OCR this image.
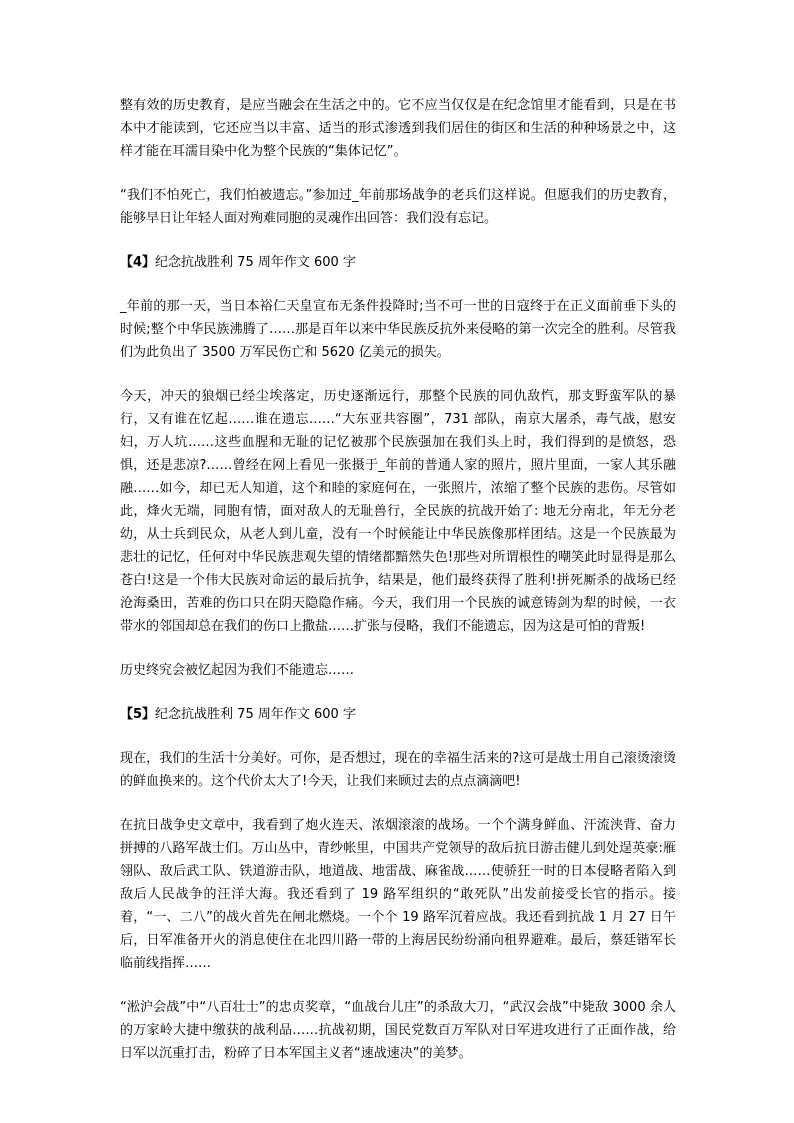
整有效的历史教育，是应当融会在生活之中的。它不应当仅仅是在纪念馆里才能看到，只是在书本中才能读到，它还应当以丰富、适当的形式渗透到我们居住的街区和生活的种种场景之中，这样才能在耳濡目染中化为整个民族的“集体记忆”。

“我们不怕死亡，我们怕被遗忘。”参加过_年前那场战争的老兵们这样说。但愿我们的历史教育，能够早日让年轻人面对殉难同胞的灵魂作出回答：我们没有忘记。

【4】纪念抗战胜利 75 周年作文 600 字

_年前的那一天，当日本裕仁天皇宣布无条件投降时;当不可一世的日寇终于在正义面前垂下头的时候;整个中华民族沸腾了……那是百年以来中华民族反抗外来侵略的第一次完全的胜利。尽管我们为此负出了 3500 万军民伤亡和 5620 亿美元的损失。

今天，冲天的狼烟已经尘埃落定，历史逐渐远行，那整个民族的同仇敌忾，那支野蛮军队的暴行，又有谁在忆起……谁在遗忘……“大东亚共容圈”，731 部队，南京大屠杀，毒气战，慰安妇，万人坑……这些血腥和无耻的记忆被那个民族强加在我们头上时，我们得到的是愤怒，恐惧，还是悲凉?……曾经在网上看见一张摄于_年前的普通人家的照片，照片里面，一家人其乐融融……如今，却已无人知道，这个和睦的家庭何在，一张照片，浓缩了整个民族的悲伤。尽管如此，烽火无端，同胞有情，面对敌人的无耻兽行，全民族的抗战开始了: 地无分南北，年无分老幼，从士兵到民众，从老人到儿童，没有一个时候能让中华民族像那样团结。这是一个民族最为悲壮的记忆，任何对中华民族悲观失望的情绪都黯然失色!那些对所谓根性的嘲笑此时显得是那么苍白!这是一个伟大民族对命运的最后抗争，结果是，他们最终获得了胜利!拼死厮杀的战场已经沧海桑田，苦难的伤口只在阴天隐隐作痛。今天，我们用一个民族的诚意铸剑为犁的时候，一衣带水的邻国却总在我们的伤口上撒盐……扩张与侵略，我们不能遗忘，因为这是可怕的背叛!

历史终究会被忆起因为我们不能遗忘……

【5】纪念抗战胜利 75 周年作文 600 字

现在，我们的生活十分美好。可你，是否想过，现在的幸福生活来的?这可是战士用自己滚烫滚烫的鲜血换来的。这个代价太大了!今天，让我们来顾过去的点点滴滴吧!

在抗日战争史文章中，我看到了炮火连天、浓烟滚滚的战场。一个个满身鲜血、汗流浃背、奋力拼搏的八路军战士们。万山丛中，青纱帐里，中国共产党领导的敌后抗日游击健儿到处逞英豪:雁翎队、敌后武工队、铁道游击队，地道战、地雷战、麻雀战……使骄狂一时的日本侵略者陷入到敌后人民战争的汪洋大海。我还看到了 19 路军组织的“敢死队”出发前接受长官的指示。接着，“一、二八”的战火首先在闸北燃烧。一个个 19 路军沉着应战。我还看到抗战 1 月 27 日午后，日军准备开火的消息使住在北四川路一带的上海居民纷纷涌向租界避难。最后，蔡廷锴军长临前线指挥……

“淞沪会战”中“八百壮士”的忠贞奖章，“血战台儿庄”的杀敌大刀，“武汉会战”中毙敌 3000 余人的万家岭大捷中缴获的战利品……抗战初期，国民党数百万军队对日军进攻进行了正面作战，给日军以沉重打击，粉碎了日本军国主义者“速战速决”的美梦。
